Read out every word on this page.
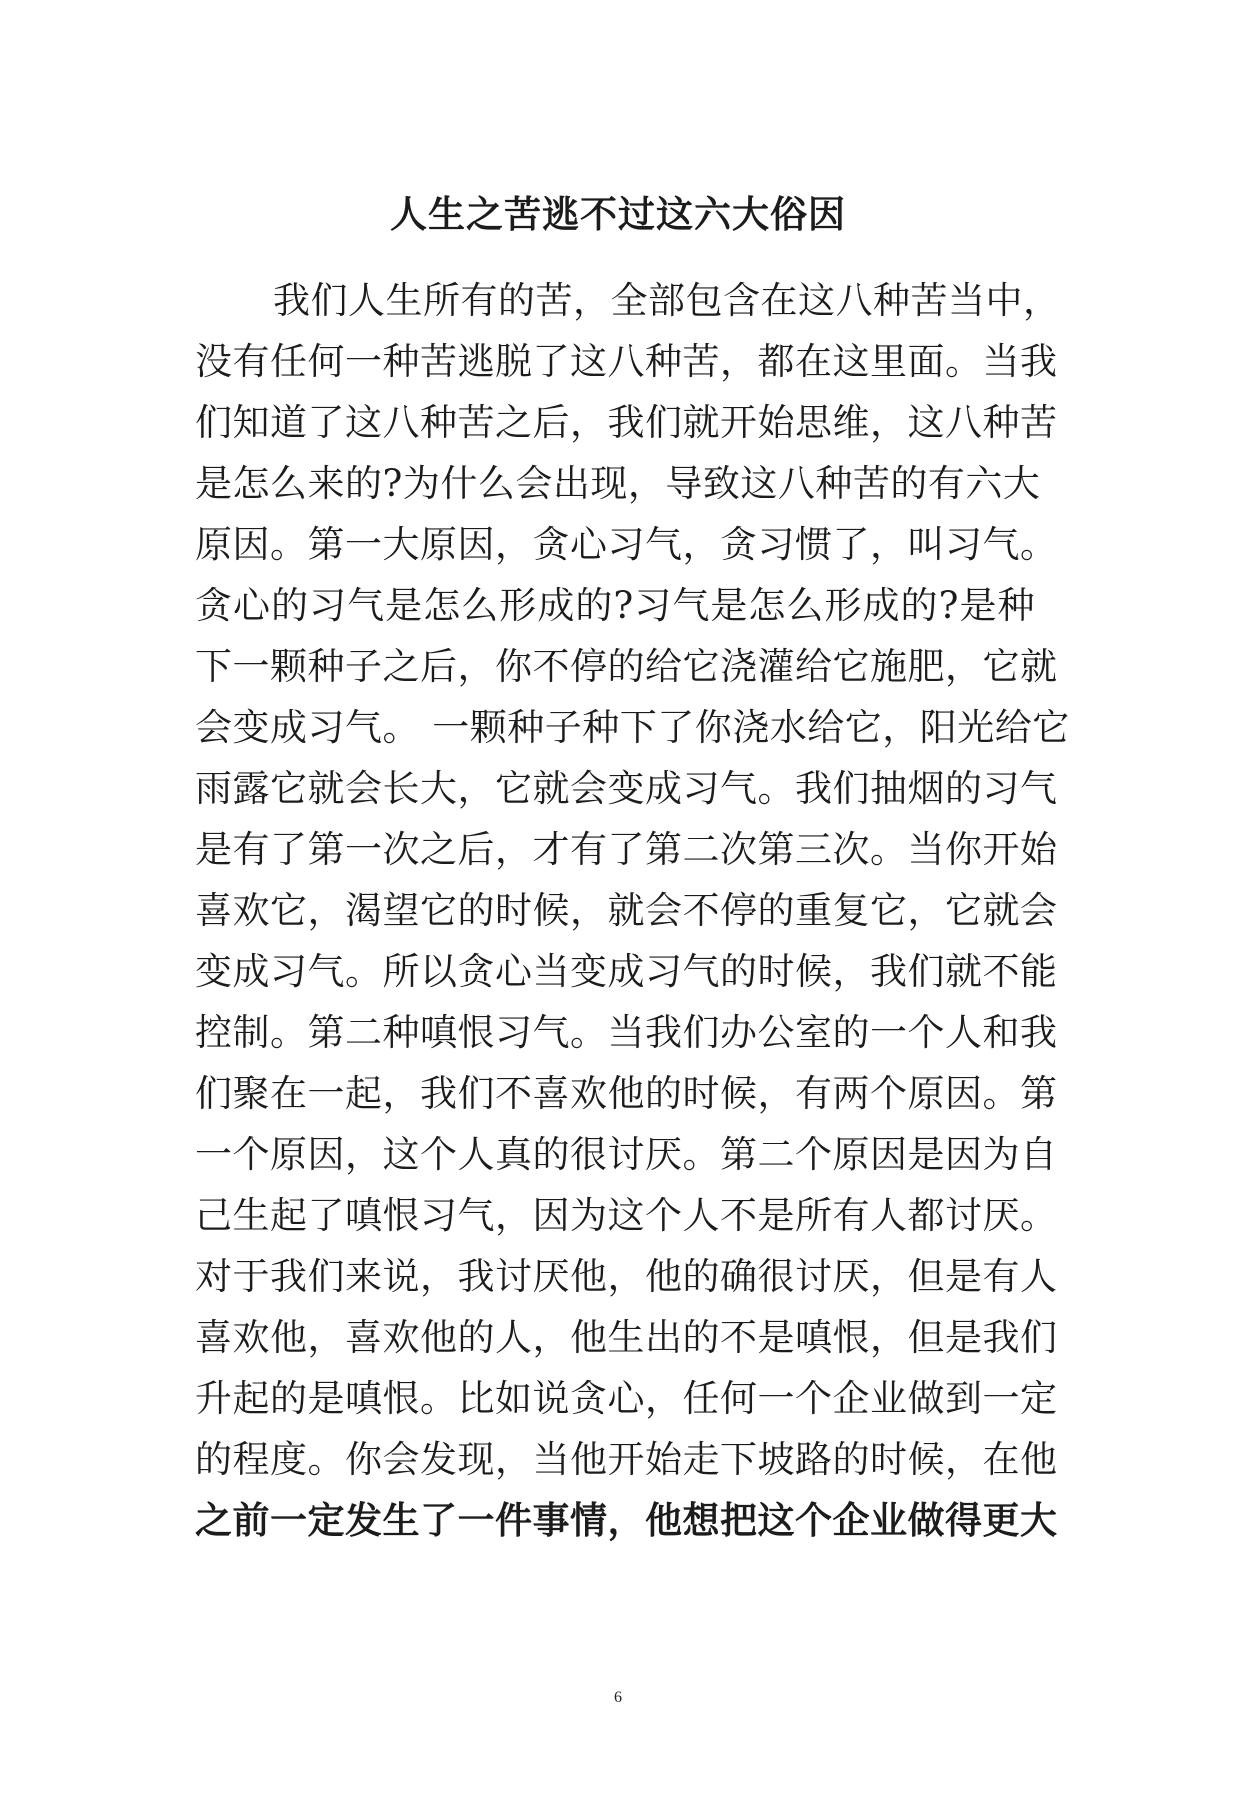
人生之苦逃不过这六大俗因
我们人生所有的苦，全部包含在这八种苦当中，
没有任何一种苦逃脱了这八种苦，都在这里面。当我
们知道了这八种苦之后，我们就开始思维，这八种苦
是怎么来的?为什么会出现，导致这八种苦的有六大
原因。第一大原因，贪心习气，贪习惯了，叫习气。
贪心的习气是怎么形成的?习气是怎么形成的?是种
下一颗种子之后，你不停的给它浇灌给它施肥，它就
会变成习气。 一颗种子种下了你浇水给它，阳光给它
雨露它就会长大，它就会变成习气。我们抽烟的习气
是有了第一次之后，才有了第二次第三次。当你开始
喜欢它，渴望它的时候，就会不停的重复它，它就会
变成习气。所以贪心当变成习气的时候，我们就不能
控制。第二种嗔恨习气。当我们办公室的一个人和我
们聚在一起，我们不喜欢他的时候，有两个原因。第
一个原因，这个人真的很讨厌。第二个原因是因为自
己生起了嗔恨习气，因为这个人不是所有人都讨厌。
对于我们来说，我讨厌他，他的确很讨厌，但是有人
喜欢他，喜欢他的人，他生出的不是嗔恨，但是我们
升起的是嗔恨。比如说贪心，任何一个企业做到一定
的程度。你会发现，当他开始走下坡路的时候，在他
之前一定发生了一件事情，他想把这个企业做得更大
6
